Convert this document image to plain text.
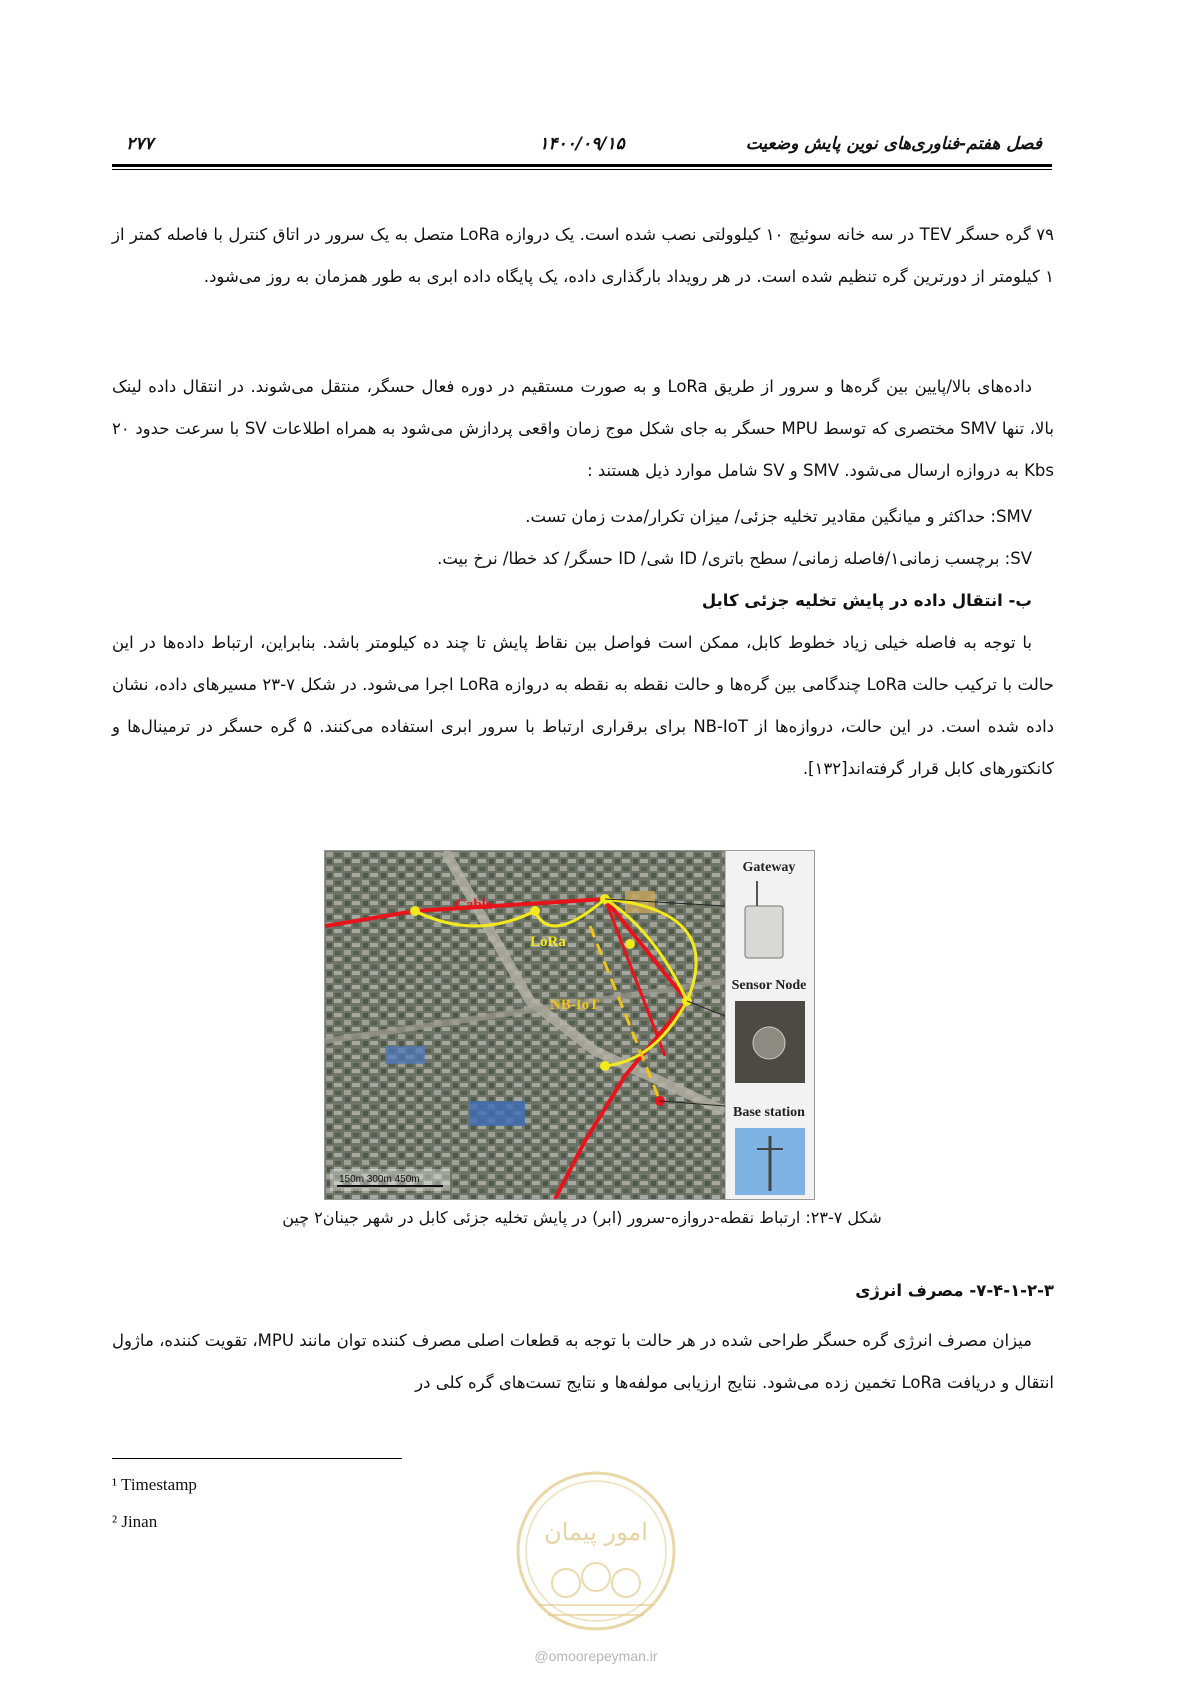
۲۷۷	۱۴۰۰/۰۹/۱۵	فصل هفتم-فناوری‌های نوین پایش وضعیت

۷۹ گره حسگر TEV در سه خانه سوئیچ ۱۰ کیلوولتی نصب شده است. یک دروازه LoRa متصل به یک سرور در اتاق کنترل با فاصله کمتر از ۱ کیلومتر از دورترین گره تنظیم شده است. در هر رویداد بارگذاری داده، یک پایگاه داده ابری به طور همزمان به روز می‌شود.

داده‌های بالا/پایین بین گره‌ها و سرور از طریق LoRa و به صورت مستقیم در دوره فعال حسگر، منتقل می‌شوند. در انتقال داده لینک بالا، تنها SMV مختصری که توسط MPU حسگر به جای شکل موج زمان واقعی پردازش می‌شود به همراه اطلاعات SV با سرعت حدود ۲۰ Kbs به دروازه ارسال می‌شود. SMV و SV شامل موارد ذیل هستند :

SMV: حداکثر و میانگین مقادیر تخلیه جزئی/ میزان تکرار/مدت زمان تست.

SV: برچسب زمانی۱/فاصله زمانی/ سطح باتری/ ID شی/ ID حسگر/ کد خطا/ نرخ بیت.

ب- انتقال داده در پایش تخلیه جزئی کابل

با توجه به فاصله خیلی زیاد خطوط کابل، ممکن است فواصل بین نقاط پایش تا چند ده کیلومتر باشد. بنابراین، ارتباط داده‌ها در این حالت با ترکیب حالت LoRa چندگامی بین گره‌ها و حالت نقطه به نقطه به دروازه LoRa اجرا می‌شود. در شکل ۷-۲۳ مسیرهای داده، نشان داده شده است. در این حالت، دروازه‌ها از NB-IoT برای برقراری ارتباط با سرور ابری استفاده می‌کنند. ۵ گره حسگر در ترمینال‌ها و کانکتورهای کابل قرار گرفته‌اند[۱۳۲].

Gateway
Sensor Node
Base station
Cable
LoRa
NB-IoT
150m 300m 450m
شکل ۷-۲۳: ارتباط نقطه-دروازه-سرور (ابر) در پایش تخلیه جزئی کابل در شهر جینان۲ چین

۷-۴-۱-۲-۳- مصرف انرژی

میزان مصرف انرژی گره حسگر طراحی شده در هر حالت با توجه به قطعات اصلی مصرف کننده توان مانند MPU، تقویت کننده، ماژول انتقال و دریافت LoRa تخمین زده می‌شود. نتایج ارزیابی مولفه‌ها و نتایج تست‌های گره کلی در

¹ Timestamp
² Jinan	امور پیمان
@omoorepeyman.ir
